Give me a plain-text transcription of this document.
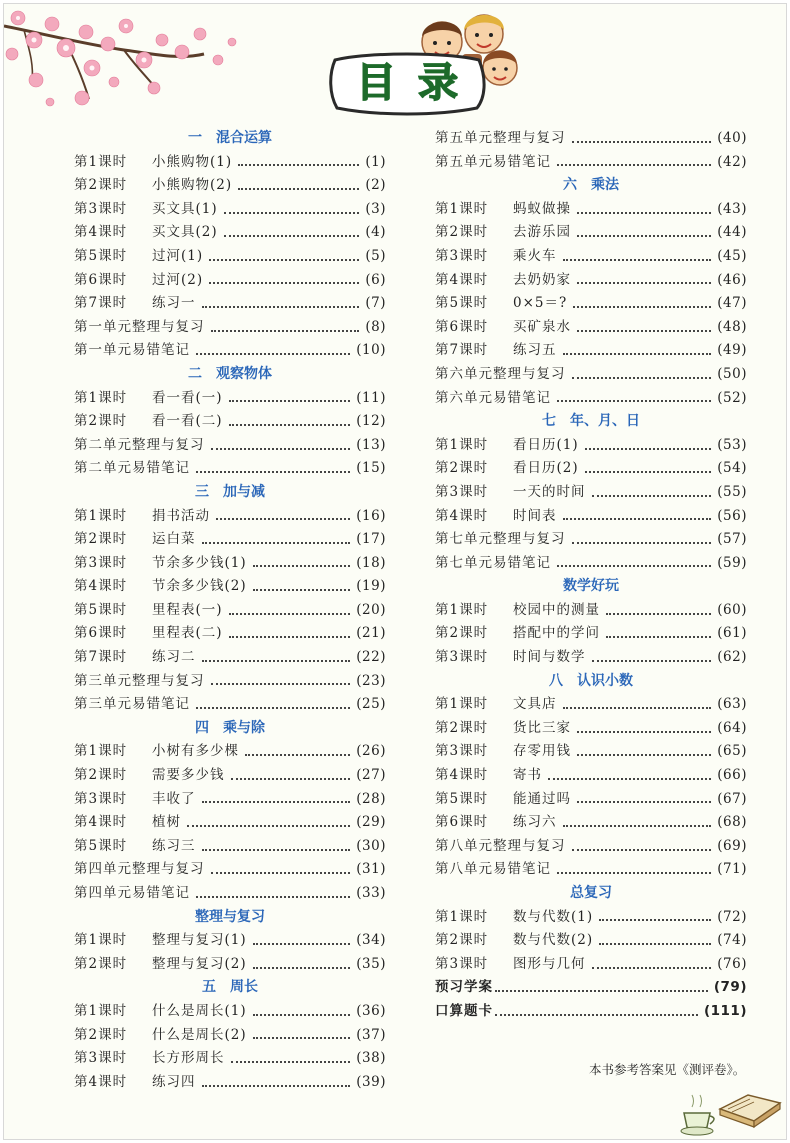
目录
一　混合运算
第1课时	小熊购物(1)	(1)
第2课时	小熊购物(2)	(2)
第3课时	买文具(1)	(3)
第4课时	买文具(2)	(4)
第5课时	过河(1)	(5)
第6课时	过河(2)	(6)
第7课时	练习一	(7)
第一单元整理与复习	(8)
第一单元易错笔记	(10)
二　观察物体
第1课时	看一看(一)	(11)
第2课时	看一看(二)	(12)
第二单元整理与复习	(13)
第二单元易错笔记	(15)
三　加与减
第1课时	捐书活动	(16)
第2课时	运白菜	(17)
第3课时	节余多少钱(1)	(18)
第4课时	节余多少钱(2)	(19)
第5课时	里程表(一)	(20)
第6课时	里程表(二)	(21)
第7课时	练习二	(22)
第三单元整理与复习	(23)
第三单元易错笔记	(25)
四　乘与除
第1课时	小树有多少棵	(26)
第2课时	需要多少钱	(27)
第3课时	丰收了	(28)
第4课时	植树	(29)
第5课时	练习三	(30)
第四单元整理与复习	(31)
第四单元易错笔记	(33)
整理与复习
第1课时	整理与复习(1)	(34)
第2课时	整理与复习(2)	(35)
五　周长
第1课时	什么是周长(1)	(36)
第2课时	什么是周长(2)	(37)
第3课时	长方形周长	(38)
第4课时	练习四	(39)
第五单元整理与复习	(40)
第五单元易错笔记	(42)
六　乘法
第1课时	蚂蚁做操	(43)
第2课时	去游乐园	(44)
第3课时	乘火车	(45)
第4课时	去奶奶家	(46)
第5课时	0×5＝?	(47)
第6课时	买矿泉水	(48)
第7课时	练习五	(49)
第六单元整理与复习	(50)
第六单元易错笔记	(52)
七　年、月、日
第1课时	看日历(1)	(53)
第2课时	看日历(2)	(54)
第3课时	一天的时间	(55)
第4课时	时间表	(56)
第七单元整理与复习	(57)
第七单元易错笔记	(59)
数学好玩
第1课时	校园中的测量	(60)
第2课时	搭配中的学问	(61)
第3课时	时间与数学	(62)
八　认识小数
第1课时	文具店	(63)
第2课时	货比三家	(64)
第3课时	存零用钱	(65)
第4课时	寄书	(66)
第5课时	能通过吗	(67)
第6课时	练习六	(68)
第八单元整理与复习	(69)
第八单元易错笔记	(71)
总复习
第1课时	数与代数(1)	(72)
第2课时	数与代数(2)	(74)
第3课时	图形与几何	(76)
预习学案	(79)
口算题卡	(111)
本书参考答案见《测评卷》。
